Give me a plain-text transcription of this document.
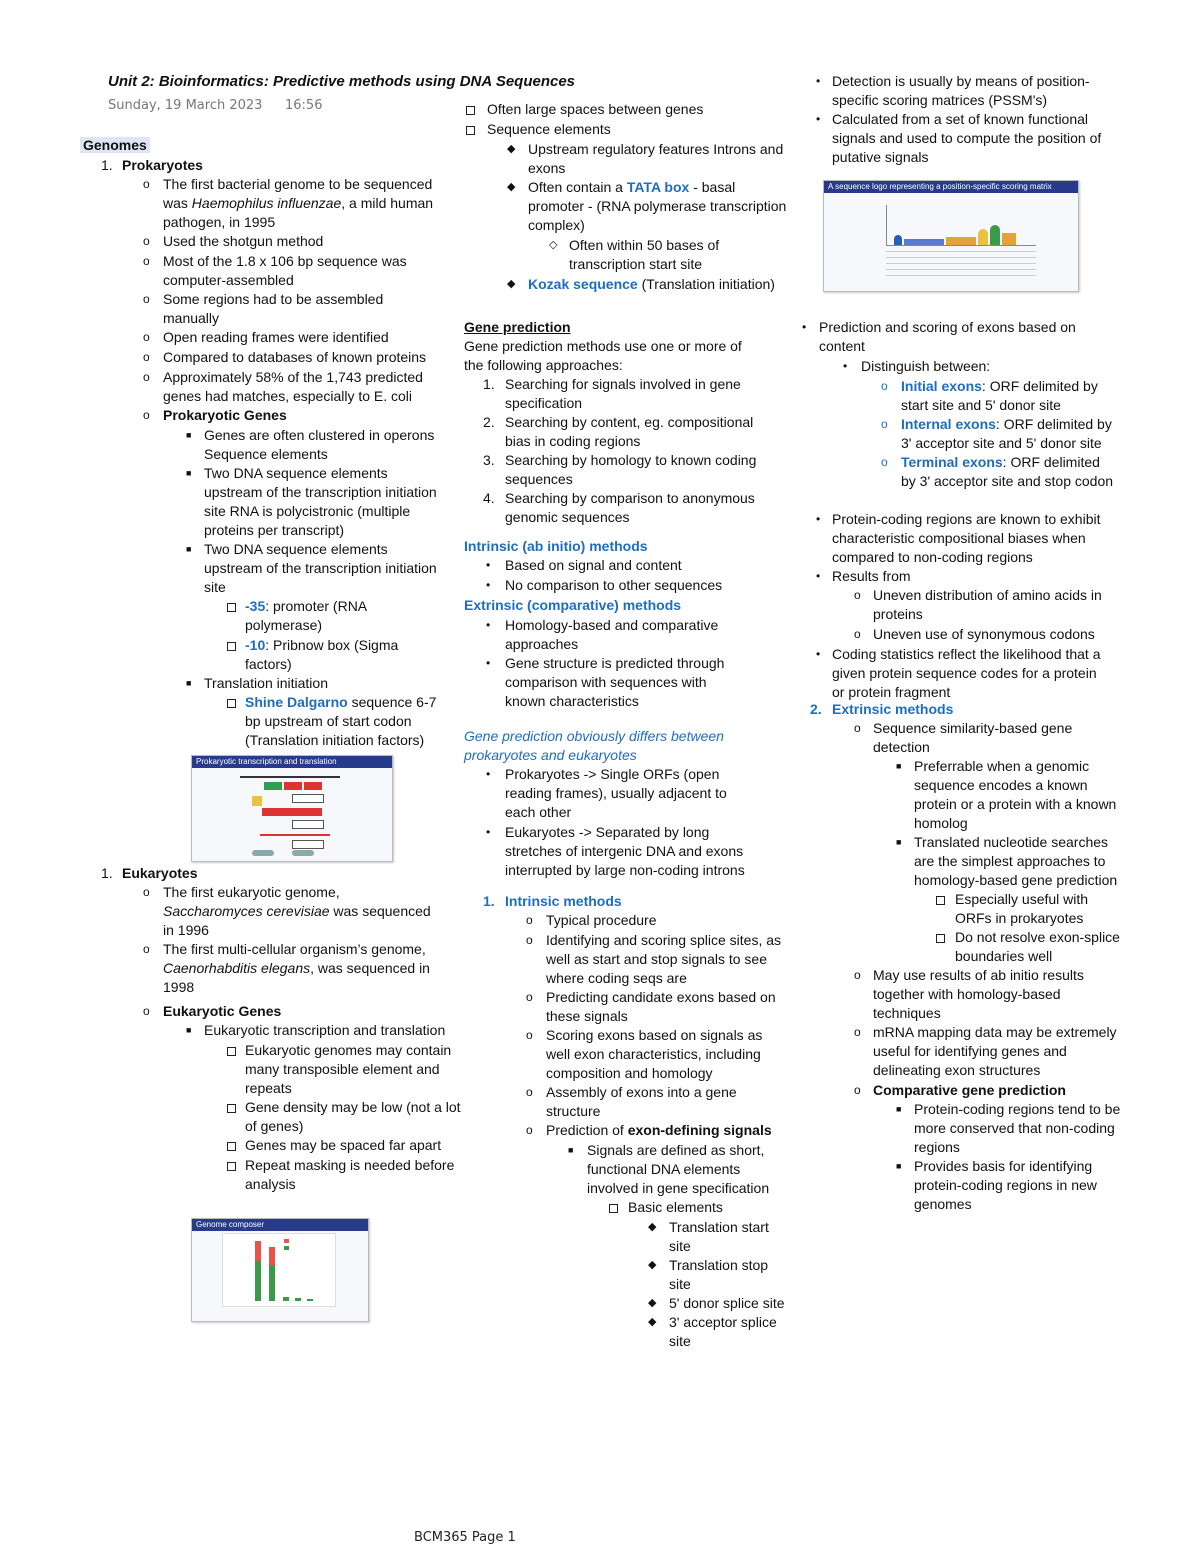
Unit 2: Bioinformatics: Predictive methods using DNA Sequences
Sunday, 19 March 2023 16:56
Genomes
1. Prokaryotes
o The first bacterial genome to be sequenced
was Haemophilus influenzae, a mild human
pathogen, in 1995
o Used the shotgun method
o Most of the 1.8 x 106 bp sequence was
computer-assembled
o Some regions had to be assembled
manually
o Open reading frames were identified
o Compared to databases of known proteins
o Approximately 58% of the 1,743 predicted
genes had matches, especially to E. coli
o Prokaryotic Genes
■ Genes are often clustered in operons
Sequence elements
■ Two DNA sequence elements
upstream of the transcription initiation
site RNA is polycistronic (multiple
proteins per transcript)
■ Two DNA sequence elements
upstream of the transcription initiation
site
-35: promoter (RNA
polymerase)
-10: Pribnow box (Sigma
factors)
■ Translation initiation
Shine Dalgarno sequence 6-7
bp upstream of start codon
(Translation initiation factors)
Prokaryotic transcription and translation
1. Eukaryotes
o The first eukaryotic genome,
Saccharomyces cerevisiae was sequenced
in 1996
o The first multi-cellular organism’s genome,
Caenorhabditis elegans, was sequenced in
1998
o Eukaryotic Genes
■ Eukaryotic transcription and translation
Eukaryotic genomes may contain
many transposible element and
repeats
Gene density may be low (not a lot
of genes)
Genes may be spaced far apart
Repeat masking is needed before
analysis
Genome composer
Often large spaces between genes
Sequence elements
◆ Upstream regulatory features Introns and
exons
◆ Often contain a TATA box - basal
promoter - (RNA polymerase transcription
complex)
◇ Often within 50 bases of
transcription start site
◆ Kozak sequence (Translation initiation)
Gene prediction
Gene prediction methods use one or more of
the following approaches:
1. Searching for signals involved in gene
specification
2. Searching by content, eg. compositional
bias in coding regions
3. Searching by homology to known coding
sequences
4. Searching by comparison to anonymous
genomic sequences
Intrinsic (ab initio) methods
• Based on signal and content
• No comparison to other sequences
Extrinsic (comparative) methods
• Homology-based and comparative
approaches
• Gene structure is predicted through
comparison with sequences with
known characteristics
Gene prediction obviously differs between
prokaryotes and eukaryotes
• Prokaryotes -> Single ORFs (open
reading frames), usually adjacent to
each other
• Eukaryotes -> Separated by long
stretches of intergenic DNA and exons
interrupted by large non-coding introns
1. Intrinsic methods
o Typical procedure
o Identifying and scoring splice sites, as
well as start and stop signals to see
where coding seqs are
o Predicting candidate exons based on
these signals
o Scoring exons based on signals as
well exon characteristics, including
composition and homology
o Assembly of exons into a gene
structure
o Prediction of exon-defining signals
■ Signals are defined as short,
functional DNA elements
involved in gene specification
Basic elements
◆ Translation start
site
◆ Translation stop
site
◆ 5' donor splice site
◆ 3' acceptor splice
site
• Detection is usually by means of position-
specific scoring matrices (PSSM's)
• Calculated from a set of known functional
signals and used to compute the position of
putative signals
A sequence logo representing a position-specific scoring matrix
• Prediction and scoring of exons based on
content
• Distinguish between:
o Initial exons: ORF delimited by
start site and 5' donor site
o Internal exons: ORF delimited by
3' acceptor site and 5' donor site
o Terminal exons: ORF delimited
by 3' acceptor site and stop codon
• Protein-coding regions are known to exhibit
characteristic compositional biases when
compared to non-coding regions
• Results from
o Uneven distribution of amino acids in
proteins
o Uneven use of synonymous codons
• Coding statistics reflect the likelihood that a
given protein sequence codes for a protein
or protein fragment
2. Extrinsic methods
o Sequence similarity-based gene
detection
■ Preferrable when a genomic
sequence encodes a known
protein or a protein with a known
homolog
■ Translated nucleotide searches
are the simplest approaches to
homology-based gene prediction
Especially useful with
ORFs in prokaryotes
Do not resolve exon-splice
boundaries well
o May use results of ab initio results
together with homology-based
techniques
o mRNA mapping data may be extremely
useful for identifying genes and
delineating exon structures
o Comparative gene prediction
■ Protein-coding regions tend to be
more conserved that non-coding
regions
■ Provides basis for identifying
protein-coding regions in new
genomes
BCM365 Page 1
